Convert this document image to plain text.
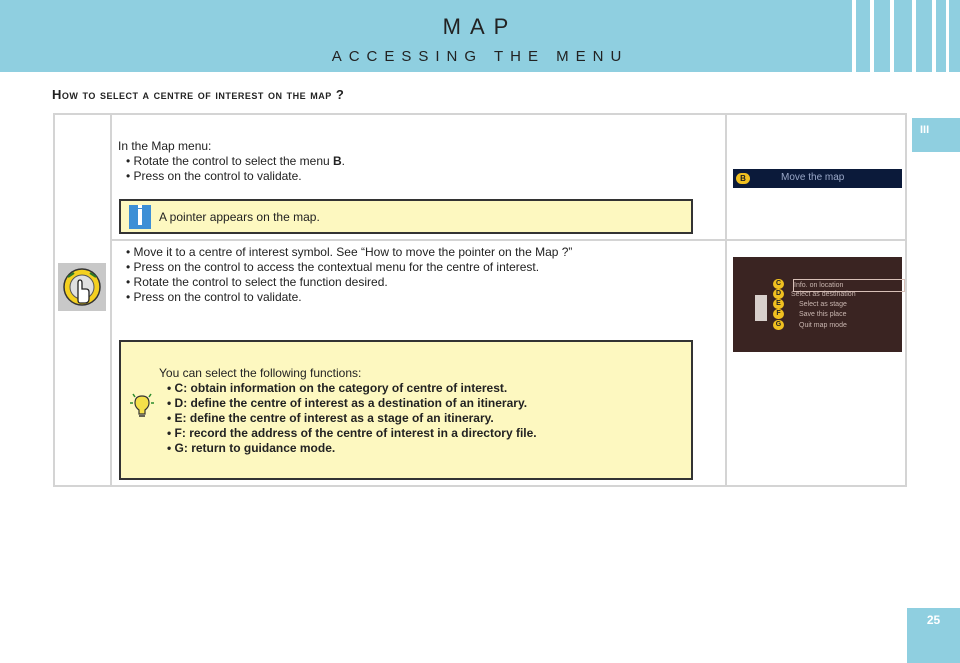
MAP
ACCESSING THE MENU
III
25
How to select a centre of interest on the map ?
In the Map menu:
• Rotate the control to select the menu B.
• Press on the control to validate.
A pointer appears on the map.
B	Move the map
• Move it to a centre of interest symbol. See “How to move the pointer on the Map ?”
• Press on the control to access the contextual menu for the centre of interest.
• Rotate the control to select the function desired.
• Press on the control to validate.
C
D
E
F
G
Info. on location
Select as destination
Select as stage
Save this place
Quit map mode
You can select the following functions:
• C: obtain information on the category of centre of interest.
• D: define the centre of interest as a destination of an itinerary.
• E: define the centre of interest as a stage of an itinerary.
• F: record the address of the centre of interest in a directory file.
• G: return to guidance mode.
